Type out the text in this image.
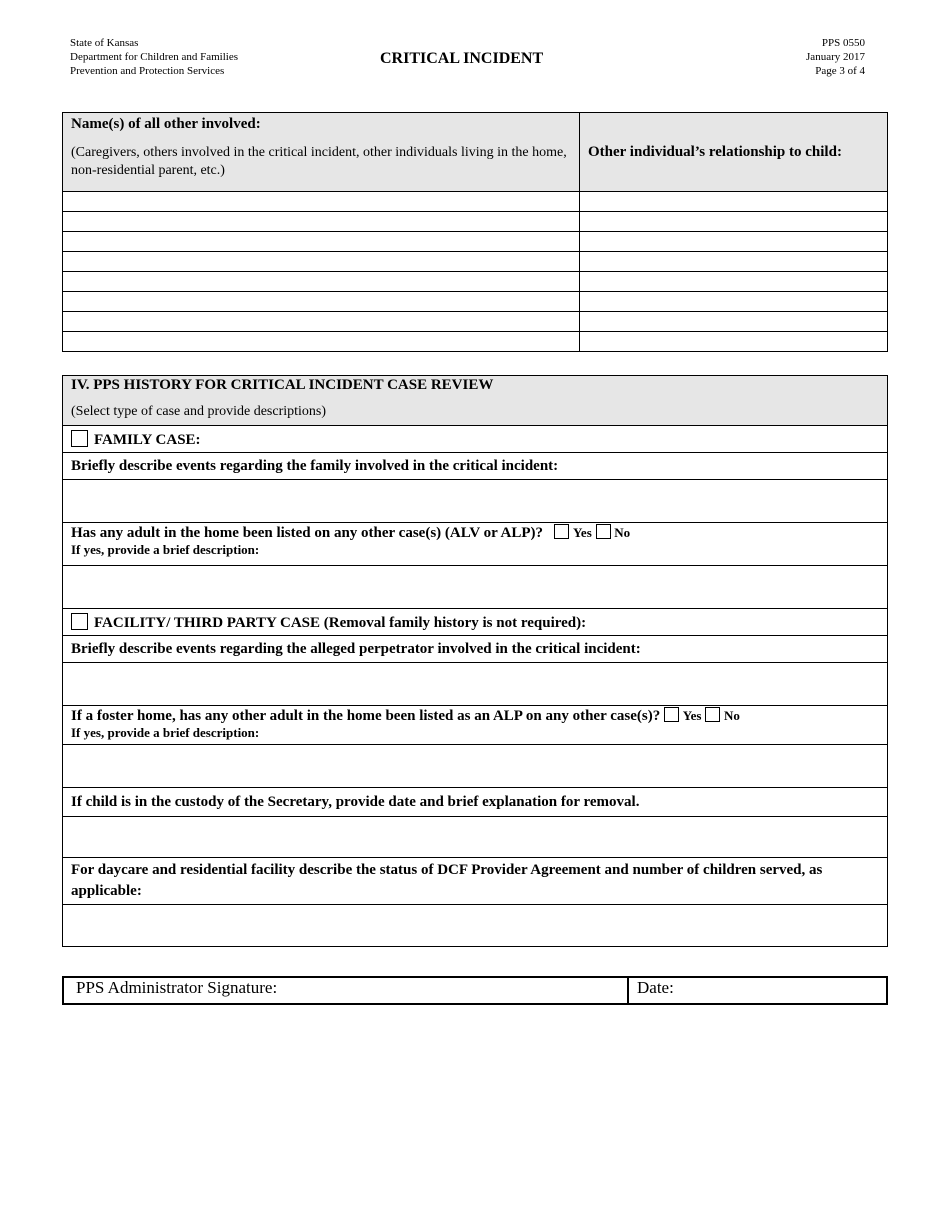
State of Kansas
Department for Children and Families
Prevention and Protection Services
CRITICAL INCIDENT
PPS 0550
January 2017
Page 3 of 4
Name(s) of all other involved:
(Caregivers, others involved in the critical incident, other individuals living in the home, non-residential parent, etc.)	Other individual’s relationship to child:

IV. PPS HISTORY FOR CRITICAL INCIDENT CASE REVIEW
(Select type of case and provide descriptions)

FAMILY CASE:
Briefly describe events regarding the family involved in the critical incident:

Has any adult in the home been listed on any other case(s) (ALV or ALP)? Yes No
If yes, provide a brief description:

FACILITY/ THIRD PARTY CASE (Removal family history is not required):
Briefly describe events regarding the alleged perpetrator involved in the critical incident:

If a foster home, has any other adult in the home been listed as an ALP on any other case(s)? Yes No
If yes, provide a brief description:

If child is in the custody of the Secretary, provide date and brief explanation for removal.

For daycare and residential facility describe the status of DCF Provider Agreement and number of children served, as applicable:

PPS Administrator Signature:	Date:
